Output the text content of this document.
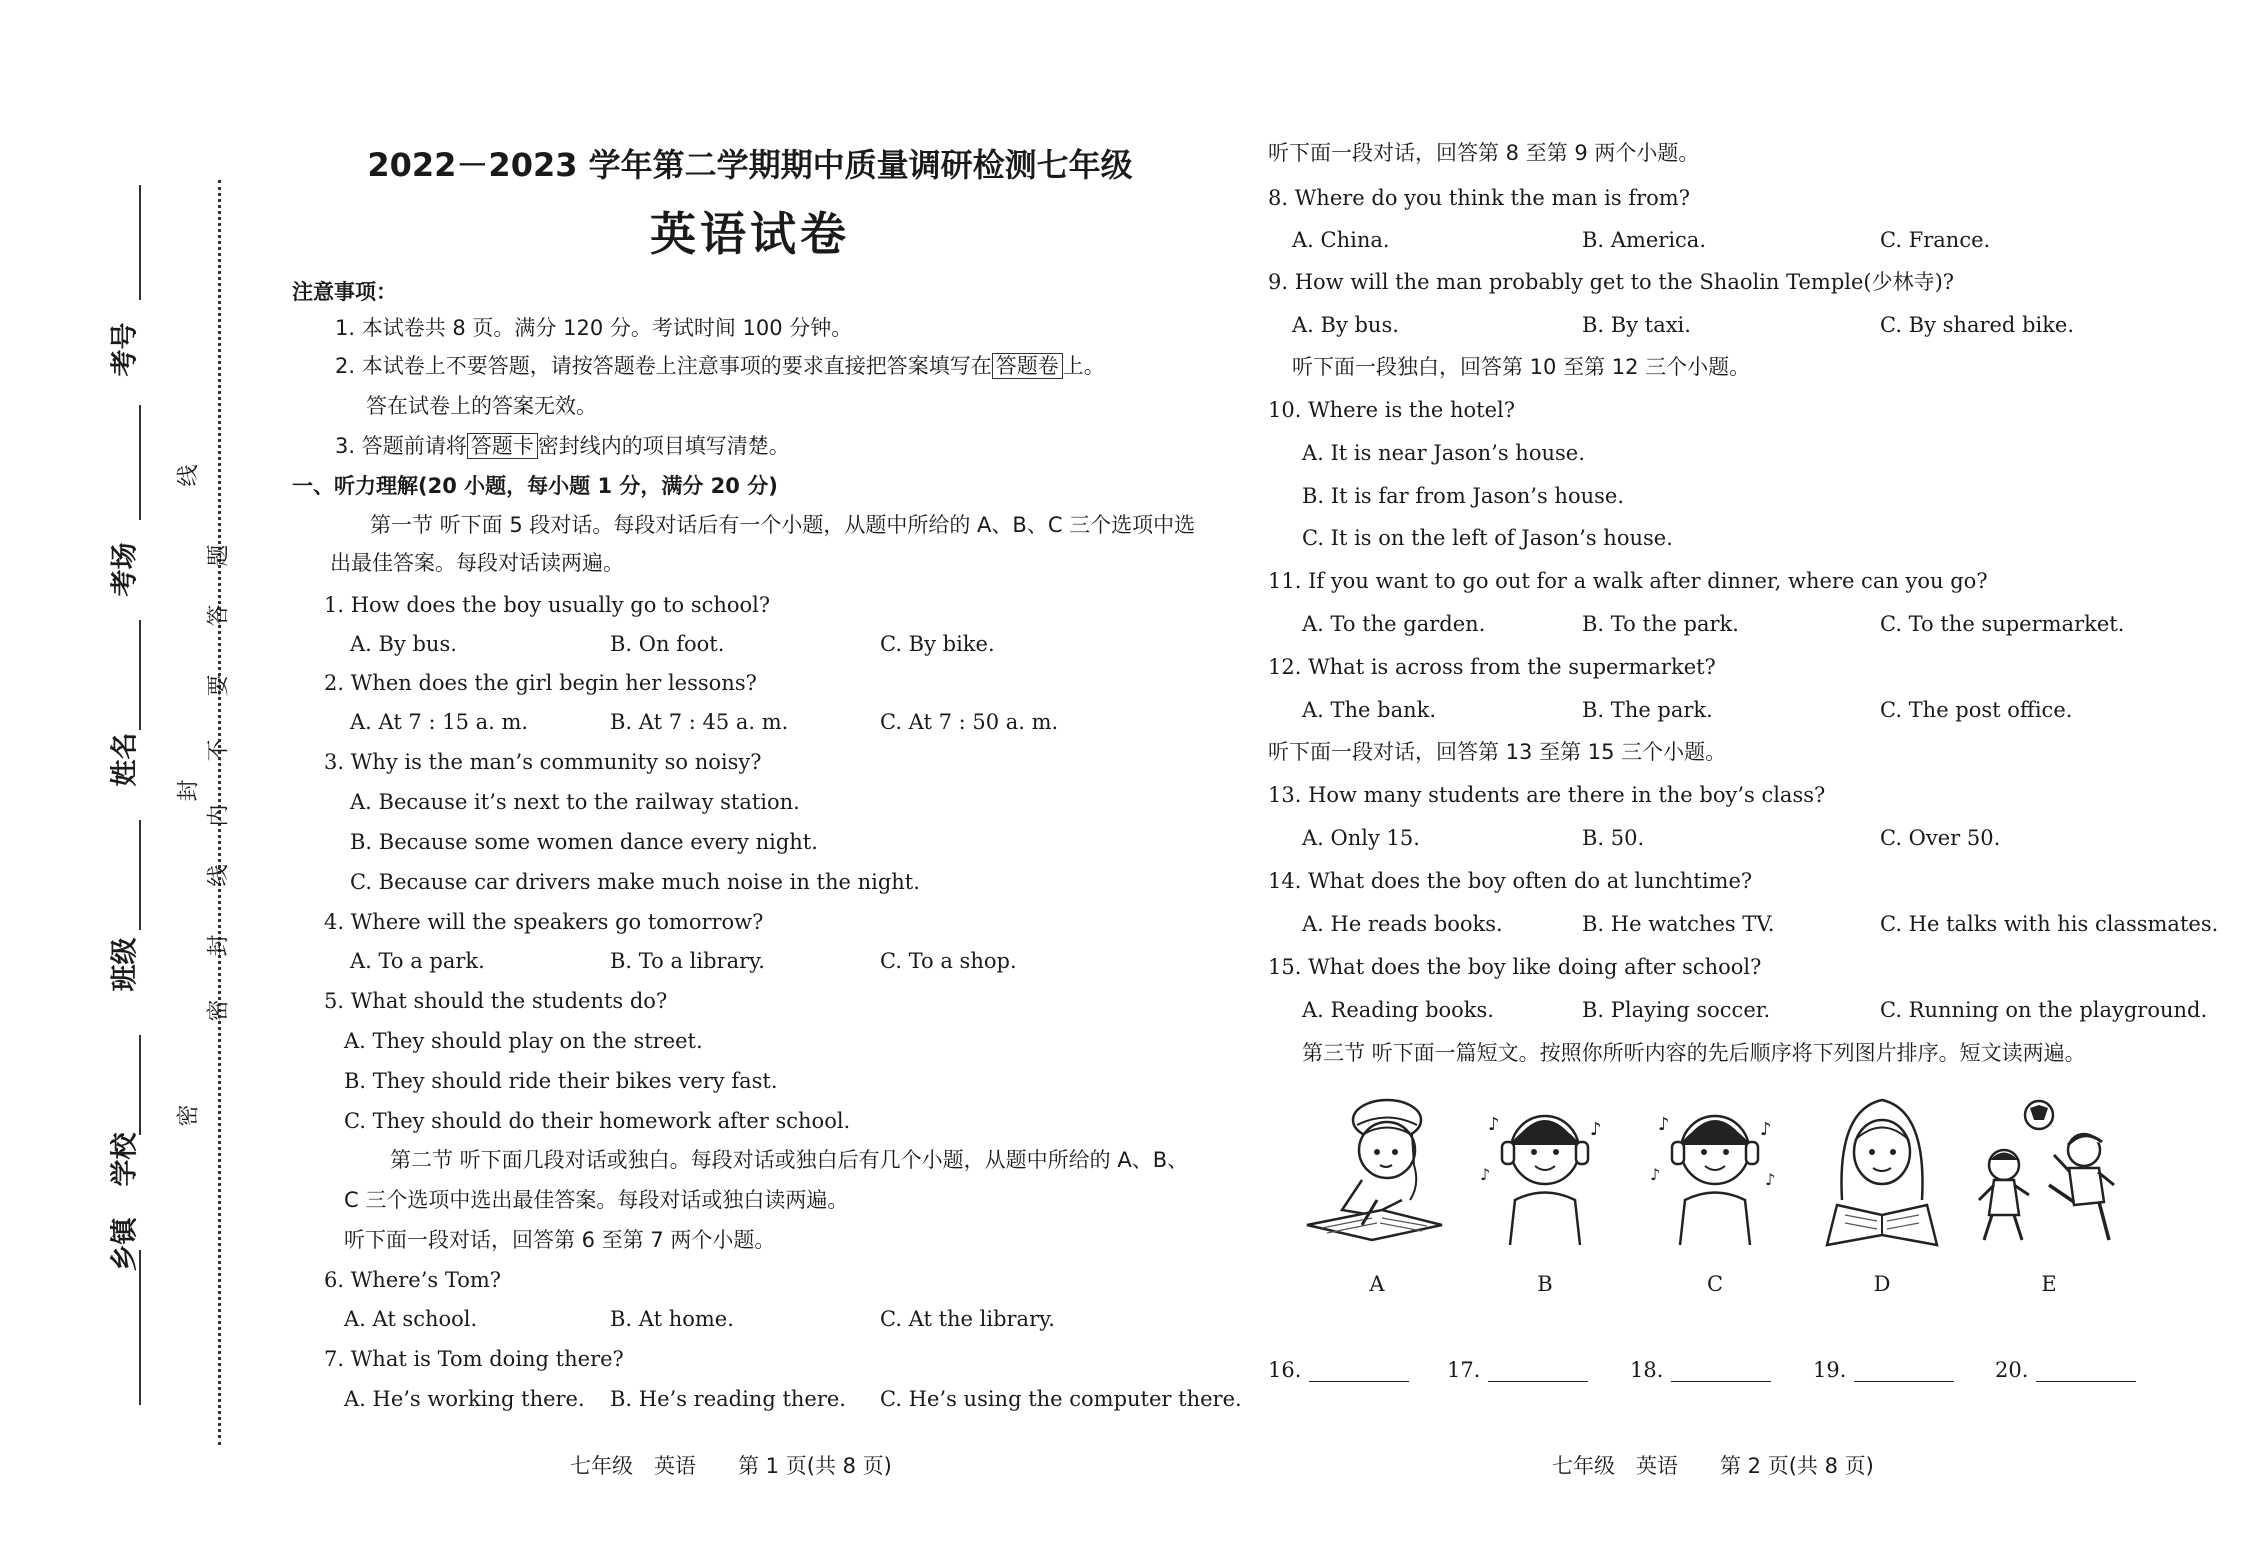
考号
考场
姓名
班级
学校
乡镇
线
题
答
要
不
内
线
封
封
密
密
2022－2023 学年第二学期期中质量调研检测七年级
英语试卷
注意事项：
1. 本试卷共 8 页。满分 120 分。考试时间 100 分钟。
2. 本试卷上不要答题，请按答题卷上注意事项的要求直接把答案填写在 答题卷 上。
答在试卷上的答案无效。
3. 答题前请将 答题卡 密封线内的项目填写清楚。
一、听力理解(20 小题，每小题 1 分，满分 20 分)
第一节 听下面 5 段对话。每段对话后有一个小题，从题中所给的 A、B、C 三个选项中选
出最佳答案。每段对话读两遍。
1. How does the boy usually go to school?
A. By bus.	B. On foot.	C. By bike.
2. When does the girl begin her lessons?
A. At 7 : 15 a. m.	B. At 7 : 45 a. m.	C. At 7 : 50 a. m.
3. Why is the man’s community so noisy?
A. Because it’s next to the railway station.
B. Because some women dance every night.
C. Because car drivers make much noise in the night.
4. Where will the speakers go tomorrow?
A. To a park.	B. To a library.	C. To a shop.
5. What should the students do?
A. They should play on the street.
B. They should ride their bikes very fast.
C. They should do their homework after school.
第二节 听下面几段对话或独白。每段对话或独白后有几个小题，从题中所给的 A、B、
C 三个选项中选出最佳答案。每段对话或独白读两遍。
听下面一段对话，回答第 6 至第 7 两个小题。
6. Where’s Tom?
A. At school.	B. At home.	C. At the library.
7. What is Tom doing there?
A. He’s working there. B. He’s reading there. C. He’s using the computer there.
七年级　英语　　第 1 页(共 8 页)
听下面一段对话，回答第 8 至第 9 两个小题。
8. Where do you think the man is from?
A. China.	B. America.	C. France.
9. How will the man probably get to the Shaolin Temple(少林寺)?
A. By bus.	B. By taxi.	C. By shared bike.
听下面一段独白，回答第 10 至第 12 三个小题。
10. Where is the hotel?
A. It is near Jason’s house.
B. It is far from Jason’s house.
C. It is on the left of Jason’s house.
11. If you want to go out for a walk after dinner, where can you go?
A. To the garden.	B. To the park.	C. To the supermarket.
12. What is across from the supermarket?
A. The bank.	B. The park.	C. The post office.
听下面一段对话，回答第 13 至第 15 三个小题。
13. How many students are there in the boy’s class?
A. Only 15.	B. 50.	C. Over 50.
14. What does the boy often do at lunchtime?
A. He reads books.	B. He watches TV.	C. He talks with his classmates.
15. What does the boy like doing after school?
A. Reading books.	B. Playing soccer.	C. Running on the playground.
第三节 听下面一篇短文。按照你所听内容的先后顺序将下列图片排序。短文读两遍。
♪	♪
♪
♪	♪
♪	♪
A	B	C	D	E
16.	17.	18.	19.	20.
七年级　英语　　第 2 页(共 8 页)
